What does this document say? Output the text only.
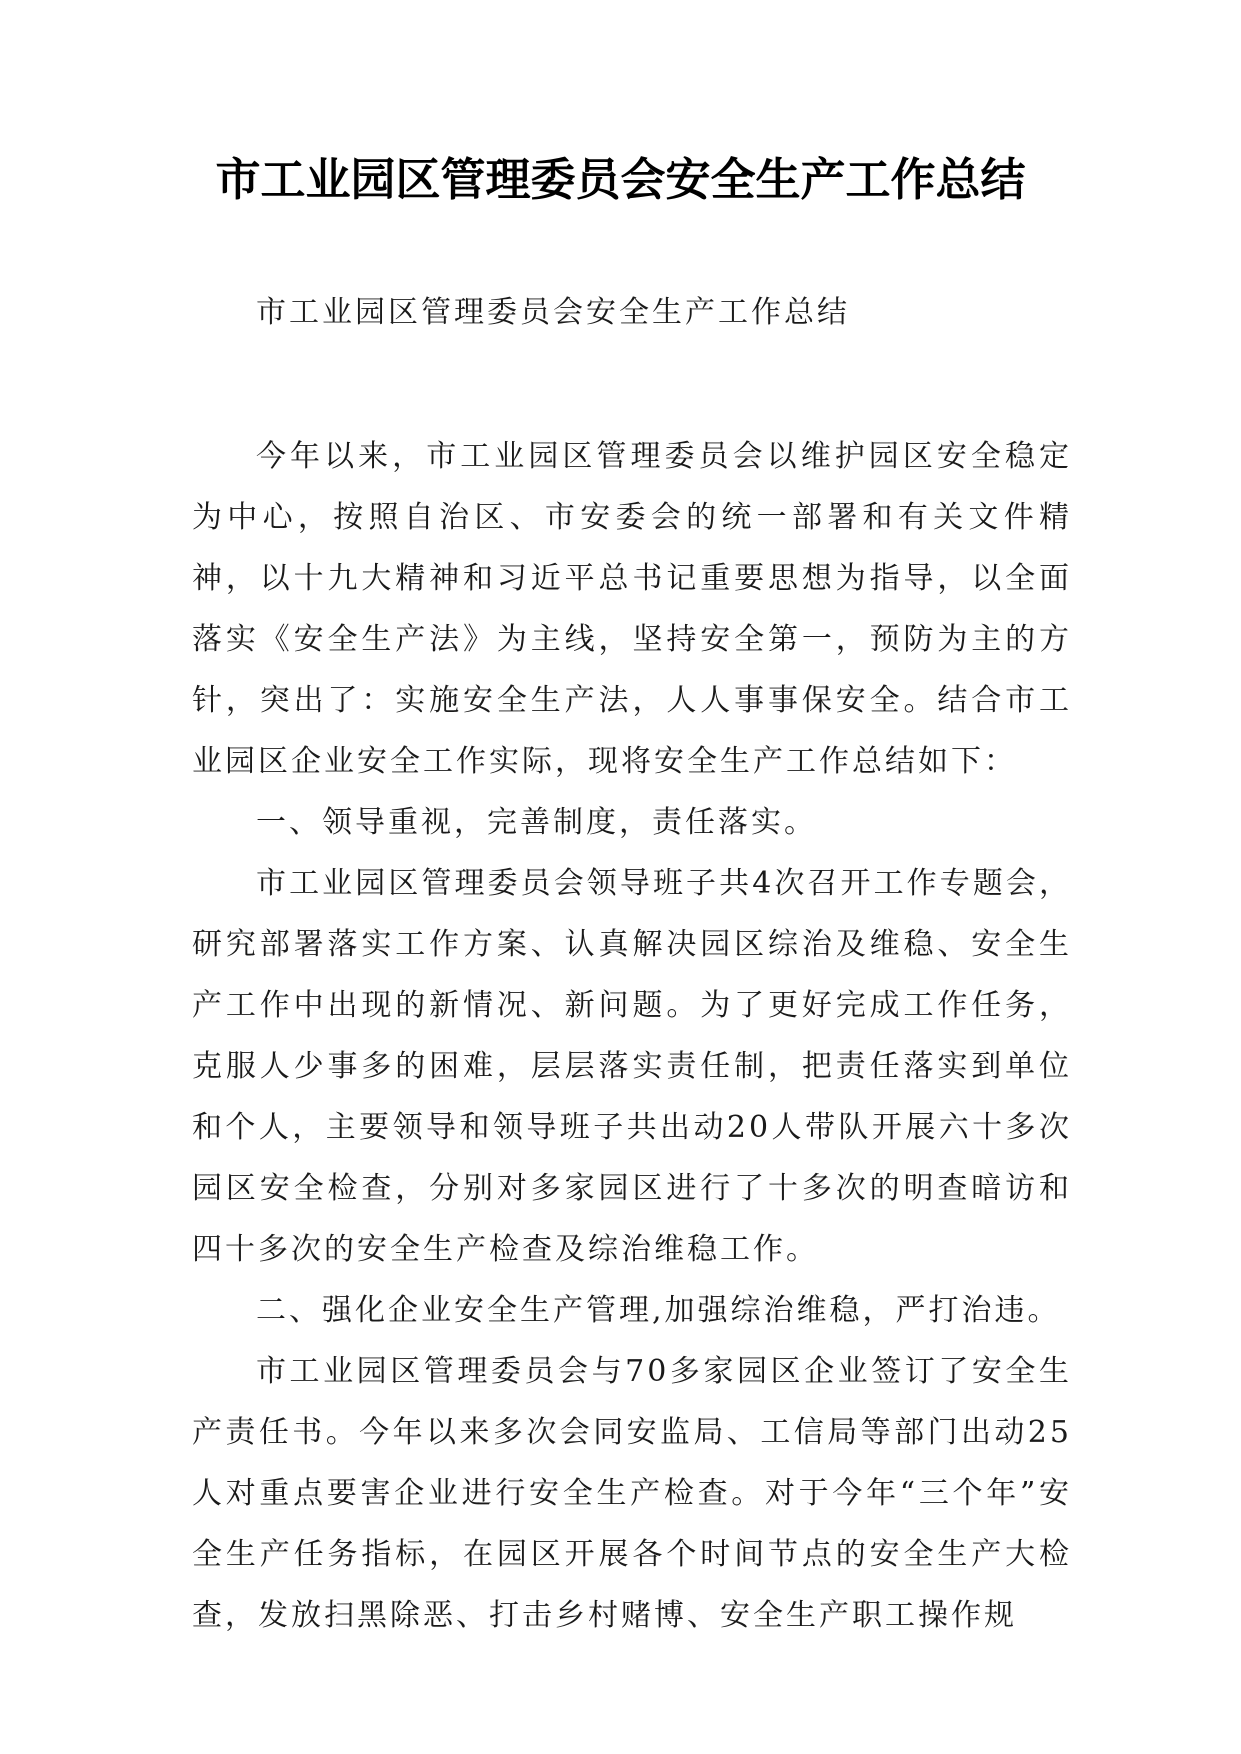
市工业园区管理委员会安全生产工作总结

市工业园区管理委员会安全生产工作总结

今年以来，市工业园区管理委员会以维护园区安全稳定为中心，按照自治区、市安委会的统一部署和有关文件精神，以十九大精神和习近平总书记重要思想为指导，以全面落实《安全生产法》为主线，坚持安全第一，预防为主的方针，突出了：实施安全生产法，人人事事保安全。结合市工业园区企业安全工作实际，现将安全生产工作总结如下：

一、领导重视，完善制度，责任落实。

市工业园区管理委员会领导班子共4次召开工作专题会，研究部署落实工作方案、认真解决园区综治及维稳、安全生产工作中出现的新情况、新问题。为了更好完成工作任务，克服人少事多的困难，层层落实责任制，把责任落实到单位和个人，主要领导和领导班子共出动20人带队开展六十多次园区安全检查，分别对多家园区进行了十多次的明查暗访和四十多次的安全生产检查及综治维稳工作。

二、强化企业安全生产管理,加强综治维稳，严打治违。

市工业园区管理委员会与70多家园区企业签订了安全生产责任书。今年以来多次会同安监局、工信局等部门出动25人对重点要害企业进行安全生产检查。对于今年“三个年”安全生产任务指标，在园区开展各个时间节点的安全生产大检查，发放扫黑除恶、打击乡村赌博、安全生产职工操作规
